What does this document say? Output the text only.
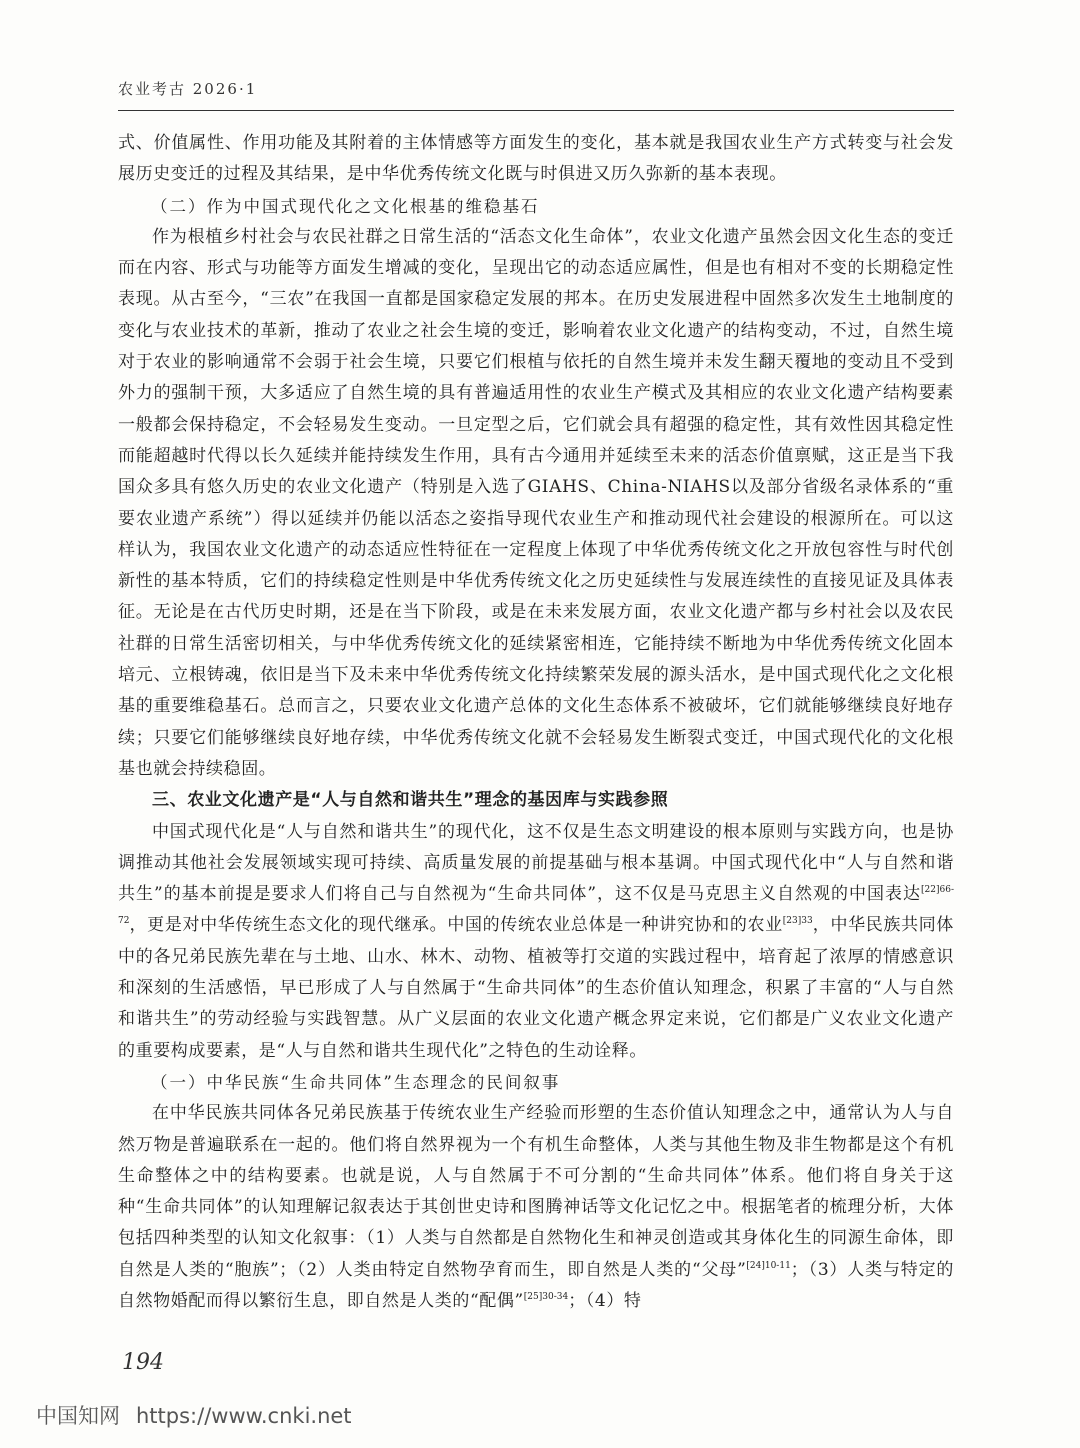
农业考古 2026·1

式、价值属性、作用功能及其附着的主体情感等方面发生的变化，基本就是我国农业生产方式转变与社会发展历史变迁的过程及其结果，是中华优秀传统文化既与时俱进又历久弥新的基本表现。

（二）作为中国式现代化之文化根基的维稳基石

作为根植乡村社会与农民社群之日常生活的“活态文化生命体”，农业文化遗产虽然会因文化生态的变迁而在内容、形式与功能等方面发生增减的变化，呈现出它的动态适应属性，但是也有相对不变的长期稳定性表现。从古至今，“三农”在我国一直都是国家稳定发展的邦本。在历史发展进程中固然多次发生土地制度的变化与农业技术的革新，推动了农业之社会生境的变迁，影响着农业文化遗产的结构变动，不过，自然生境对于农业的影响通常不会弱于社会生境，只要它们根植与依托的自然生境并未发生翻天覆地的变动且不受到外力的强制干预，大多适应了自然生境的具有普遍适用性的农业生产模式及其相应的农业文化遗产结构要素一般都会保持稳定，不会轻易发生变动。一旦定型之后，它们就会具有超强的稳定性，其有效性因其稳定性而能超越时代得以长久延续并能持续发生作用，具有古今通用并延续至未来的活态价值禀赋，这正是当下我国众多具有悠久历史的农业文化遗产（特别是入选了GIAHS、China-NIAHS以及部分省级名录体系的“重要农业遗产系统”）得以延续并仍能以活态之姿指导现代农业生产和推动现代社会建设的根源所在。可以这样认为，我国农业文化遗产的动态适应性特征在一定程度上体现了中华优秀传统文化之开放包容性与时代创新性的基本特质，它们的持续稳定性则是中华优秀传统文化之历史延续性与发展连续性的直接见证及具体表征。无论是在古代历史时期，还是在当下阶段，或是在未来发展方面，农业文化遗产都与乡村社会以及农民社群的日常生活密切相关，与中华优秀传统文化的延续紧密相连，它能持续不断地为中华优秀传统文化固本培元、立根铸魂，依旧是当下及未来中华优秀传统文化持续繁荣发展的源头活水，是中国式现代化之文化根基的重要维稳基石。总而言之，只要农业文化遗产总体的文化生态体系不被破坏，它们就能够继续良好地存续；只要它们能够继续良好地存续，中华优秀传统文化就不会轻易发生断裂式变迁，中国式现代化的文化根基也就会持续稳固。

三、农业文化遗产是“人与自然和谐共生”理念的基因库与实践参照

中国式现代化是“人与自然和谐共生”的现代化，这不仅是生态文明建设的根本原则与实践方向，也是协调推动其他社会发展领域实现可持续、高质量发展的前提基础与根本基调。中国式现代化中“人与自然和谐共生”的基本前提是要求人们将自己与自然视为“生命共同体”，这不仅是马克思主义自然观的中国表达$^{[22]66-72}$，更是对中华传统生态文化的现代继承。中国的传统农业总体是一种讲究协和的农业$^{[23]33}$，中华民族共同体中的各兄弟民族先辈在与土地、山水、林木、动物、植被等打交道的实践过程中，培育起了浓厚的情感意识和深刻的生活感悟，早已形成了人与自然属于“生命共同体”的生态价值认知理念，积累了丰富的“人与自然和谐共生”的劳动经验与实践智慧。从广义层面的农业文化遗产概念界定来说，它们都是广义农业文化遗产的重要构成要素，是“人与自然和谐共生现代化”之特色的生动诠释。

（一）中华民族“生命共同体”生态理念的民间叙事

在中华民族共同体各兄弟民族基于传统农业生产经验而形塑的生态价值认知理念之中，通常认为人与自然万物是普遍联系在一起的。他们将自然界视为一个有机生命整体，人类与其他生物及非生物都是这个有机生命整体之中的结构要素。也就是说，人与自然属于不可分割的“生命共同体”体系。他们将自身关于这种“生命共同体”的认知理解记叙表达于其创世史诗和图腾神话等文化记忆之中。根据笔者的梳理分析，大体包括四种类型的认知文化叙事：（1）人类与自然都是自然物化生和神灵创造或其身体化生的同源生命体，即自然是人类的“胞族”；（2）人类由特定自然物孕育而生，即自然是人类的“父母”$^{[24]10-11}$；（3）人类与特定的自然物婚配而得以繁衍生息，即自然是人类的“配偶”$^{[25]30-34}$；（4）特

194
中国知网 https://www.cnki.net
